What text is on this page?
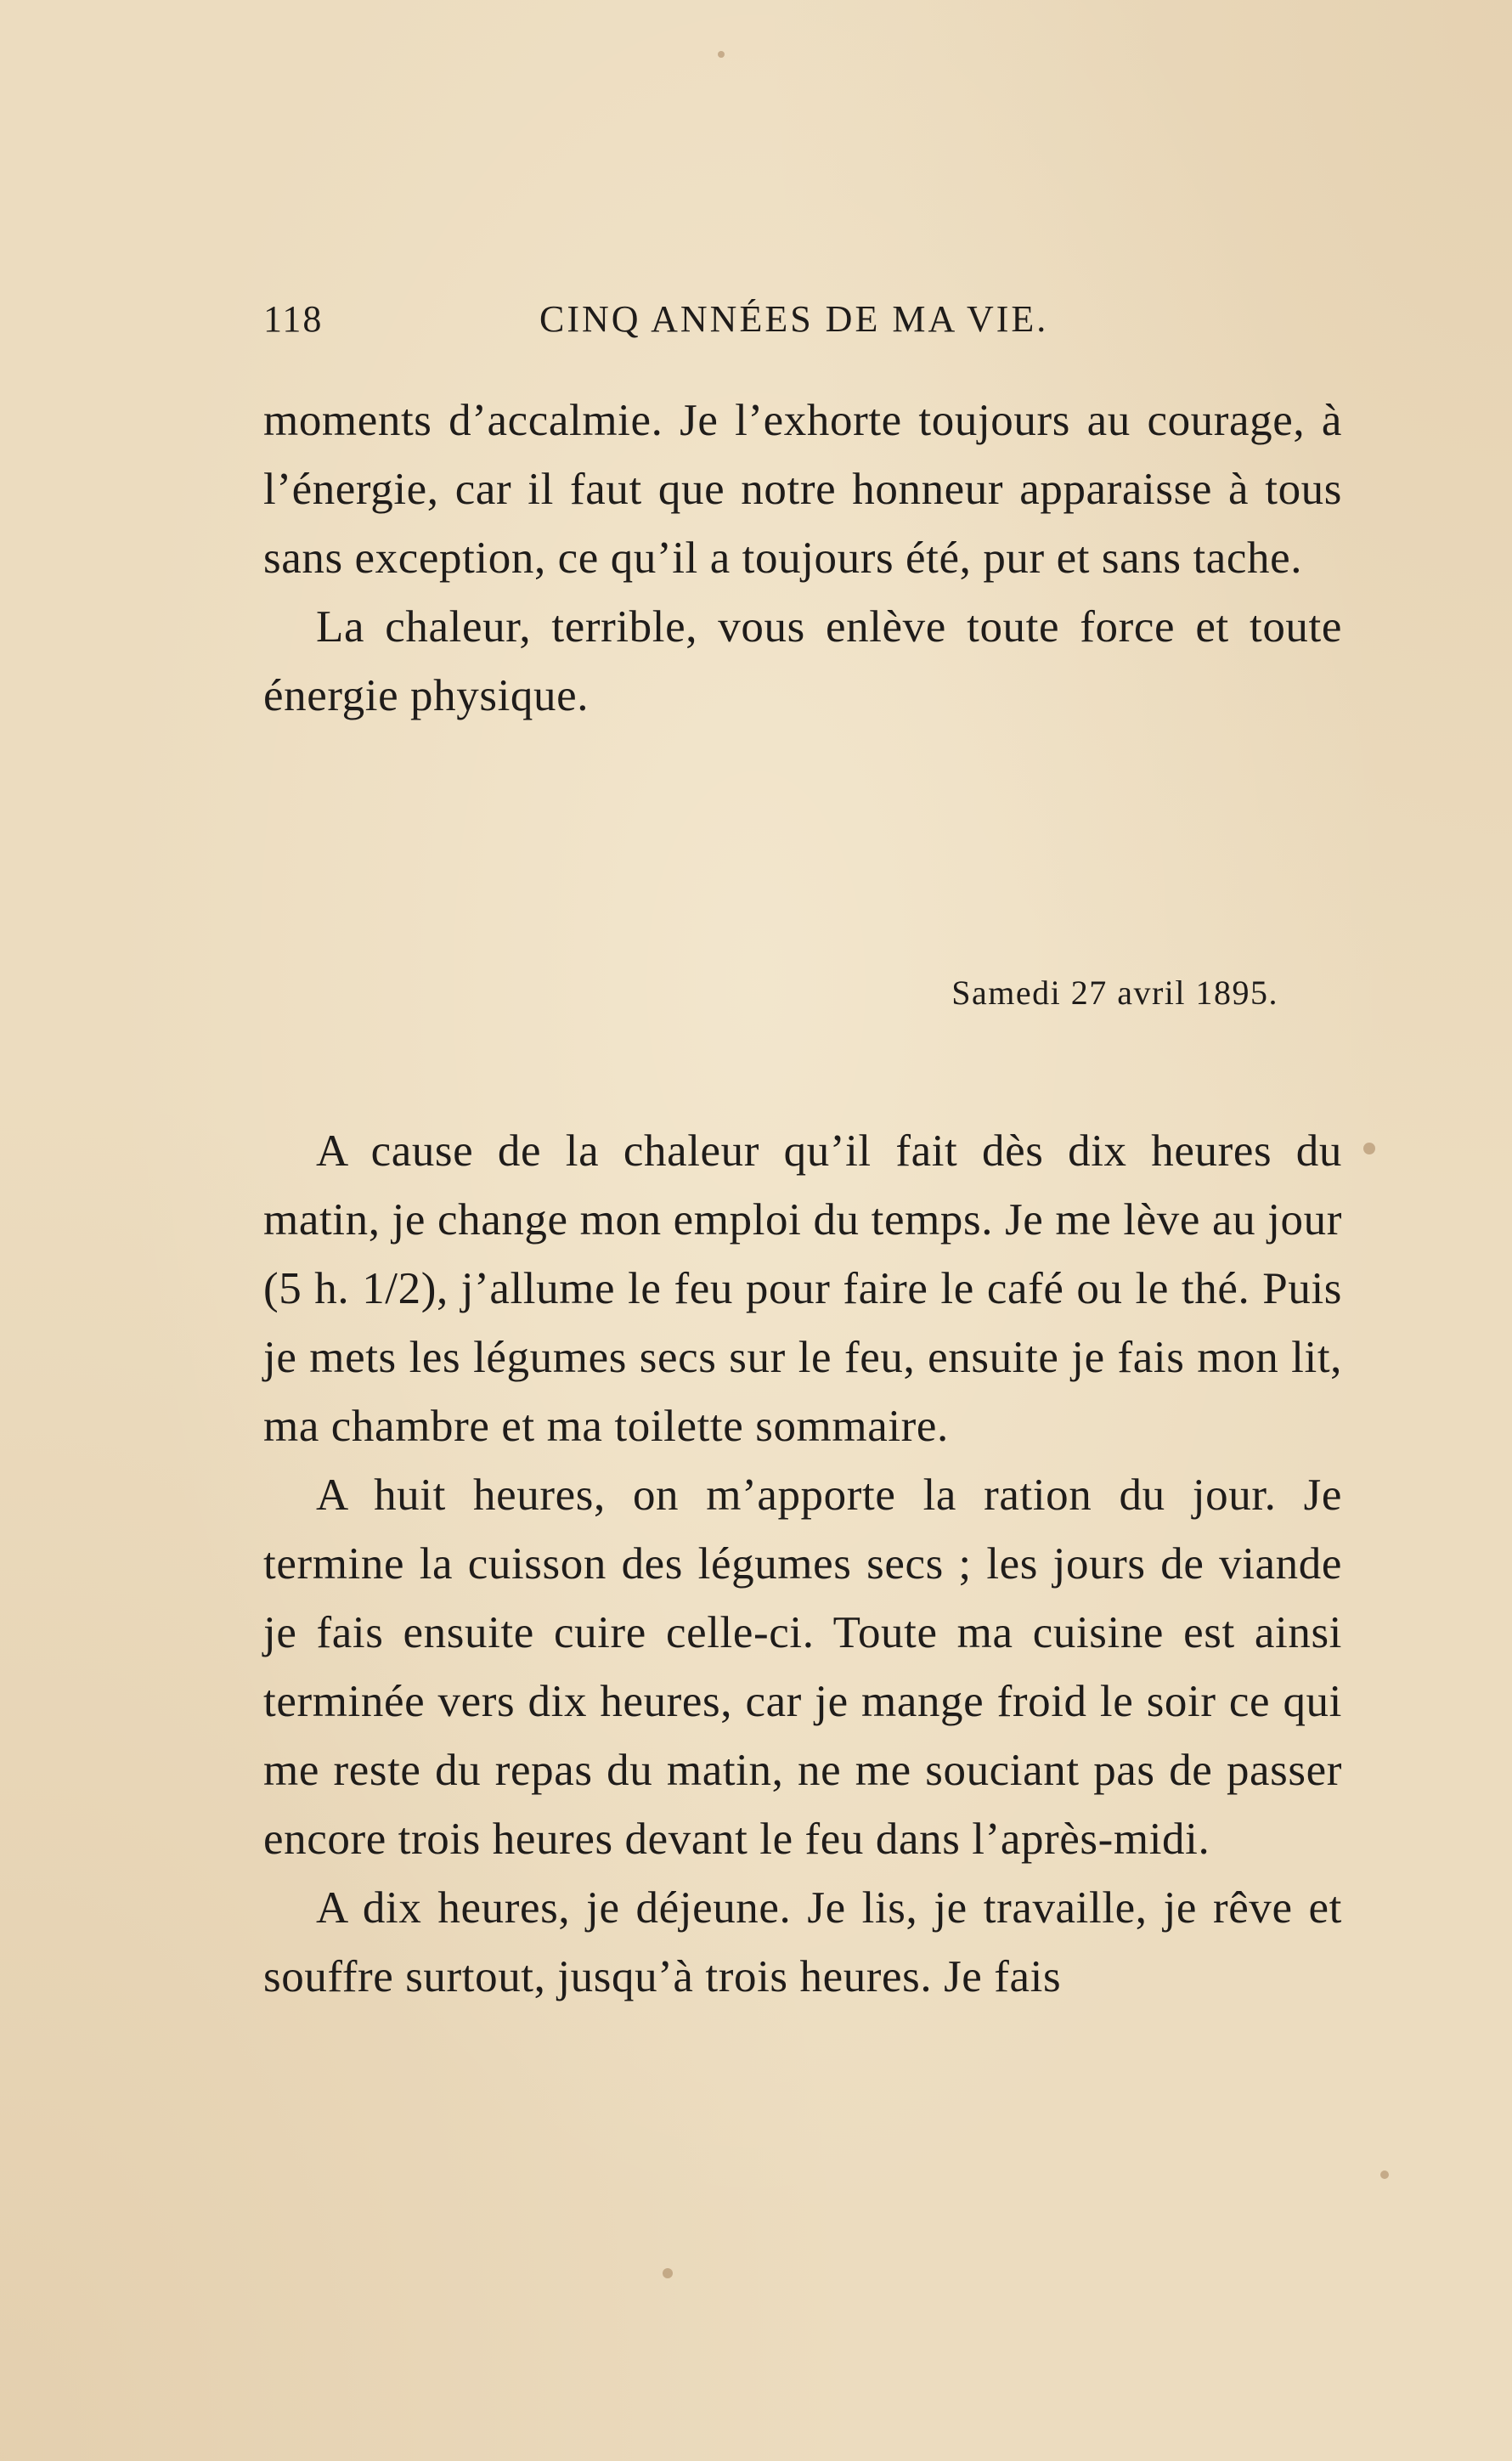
118	CINQ ANNÉES DE MA VIE.

moments d’accalmie. Je l’exhorte toujours au courage, à l’énergie, car il faut que notre honneur apparaisse à tous sans exception, ce qu’il a toujours été, pur et sans tache.

La chaleur, terrible, vous enlève toute force et toute énergie physique.

Samedi 27 avril 1895.

A cause de la chaleur qu’il fait dès dix heures du matin, je change mon emploi du temps. Je me lève au jour (5 h. 1/2), j’allume le feu pour faire le café ou le thé. Puis je mets les légumes secs sur le feu, ensuite je fais mon lit, ma chambre et ma toilette sommaire.

A huit heures, on m’apporte la ration du jour. Je termine la cuisson des légumes secs ; les jours de viande je fais ensuite cuire celle-ci. Toute ma cuisine est ainsi terminée vers dix heures, car je mange froid le soir ce qui me reste du repas du matin, ne me souciant pas de passer encore trois heures devant le feu dans l’après-midi.

A dix heures, je déjeune. Je lis, je travaille, je rêve et souffre surtout, jusqu’à trois heures. Je fais
